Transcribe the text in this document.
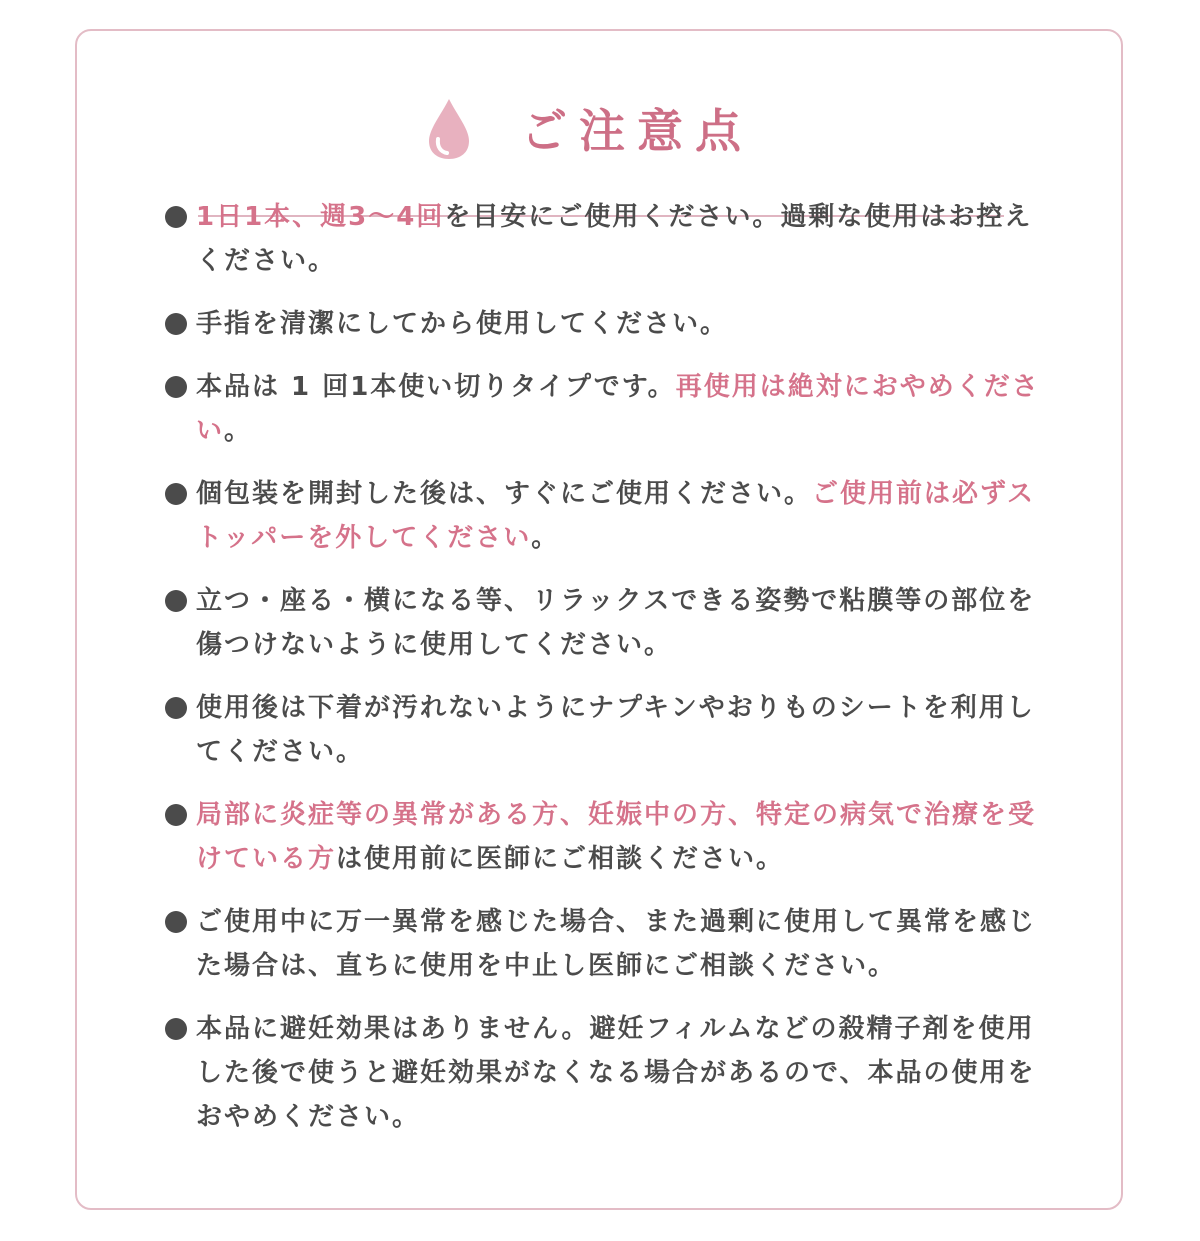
ご注意点
1日1本、週3～4回を目安にご使用ください。過剰な使用はお控えください。
手指を清潔にしてから使用してください。
本品は 1 回1本使い切りタイプです。再使用は絶対におやめください。
個包装を開封した後は、すぐにご使用ください。ご使用前は必ずストッパーを外してください。
立つ・座る・横になる等、リラックスできる姿勢で粘膜等の部位を傷つけないように使用してください。
使用後は下着が汚れないようにナプキンやおりものシートを利用してください。
局部に炎症等の異常がある方、妊娠中の方、特定の病気で治療を受けている方は使用前に医師にご相談ください。
ご使用中に万一異常を感じた場合、また過剰に使用して異常を感じた場合は、直ちに使用を中止し医師にご相談ください。
本品に避妊効果はありません。避妊フィルムなどの殺精子剤を使用した後で使うと避妊効果がなくなる場合があるので、本品の使用をおやめください。
